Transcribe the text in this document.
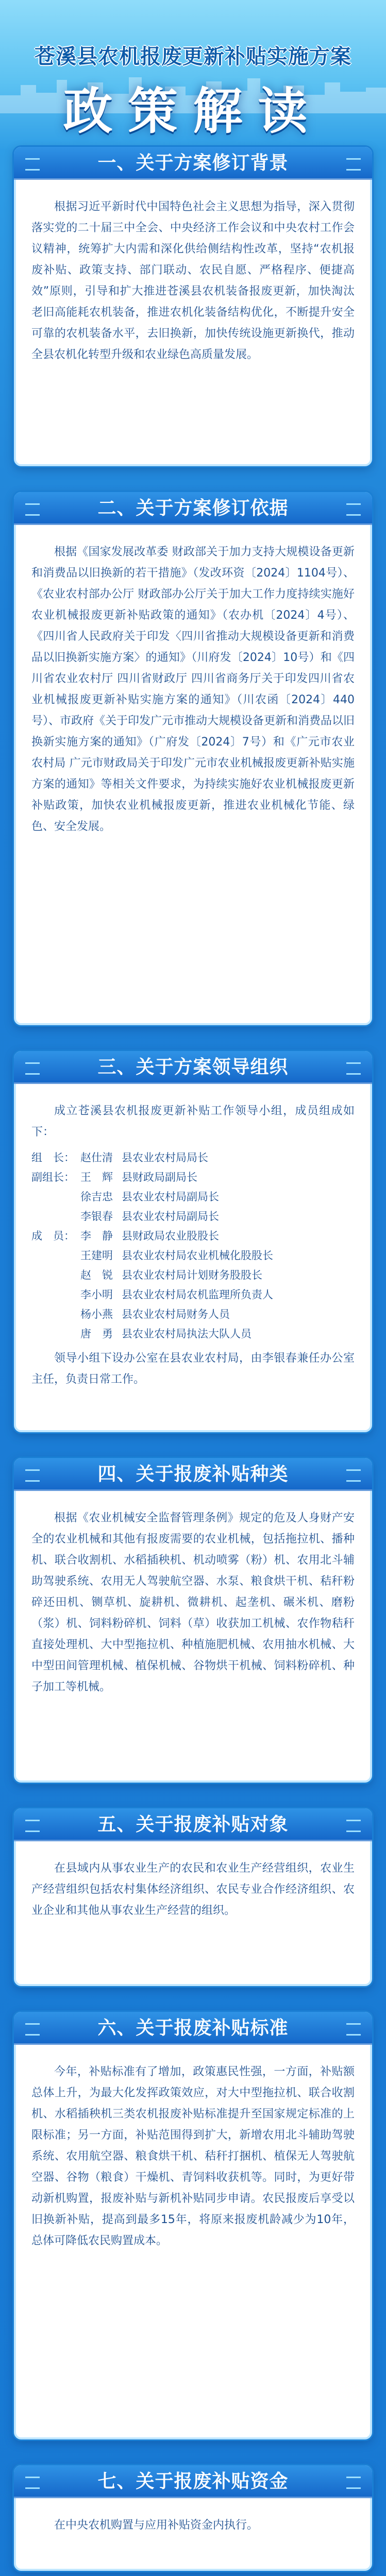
苍溪县农机报废更新补贴实施方案
政策解读
一、关于方案修订背景

根据习近平新时代中国特色社会主义思想为指导，深入贯彻落实党的二十届三中全会、中央经济工作会议和中央农村工作会议精神，统筹扩大内需和深化供给侧结构性改革，坚持“农机报废补贴、政策支持、部门联动、农民自愿、严格程序、便捷高效”原则，引导和扩大推进苍溪县农机装备报废更新，加快淘汰老旧高能耗农机装备，推进农机化装备结构优化，不断提升安全可靠的农机装备水平，去旧换新，加快传统设施更新换代，推动全县农机化转型升级和农业绿色高质量发展。

二、关于方案修订依据

根据《国家发展改革委 财政部关于加力支持大规模设备更新和消费品以旧换新的若干措施》（发改环资〔2024〕1104号）、《农业农村部办公厅 财政部办公厅关于加大工作力度持续实施好农业机械报废更新补贴政策的通知》（农办机〔2024〕4号）、《四川省人民政府关于印发〈四川省推动大规模设备更新和消费品以旧换新实施方案〉的通知》（川府发〔2024〕10号）和《四川省农业农村厅 四川省财政厅 四川省商务厅关于印发四川省农业机械报废更新补贴实施方案的通知》（川农函〔2024〕440号）、市政府《关于印发广元市推动大规模设备更新和消费品以旧换新实施方案的通知》（广府发〔2024〕7号）和《广元市农业农村局 广元市财政局关于印发广元市农业机械报废更新补贴实施方案的通知》等相关文件要求，为持续实施好农业机械报废更新补贴政策，加快农业机械报废更新，推进农业机械化节能、绿色、安全发展。

三、关于方案领导组织

成立苍溪县农机报废更新补贴工作领导小组，成员组成如下：

组　长： 赵仕清 县农业农村局局长
副组长： 王　辉 县财政局副局长
徐吉忠 县农业农村局副局长
李银春 县农业农村局副局长
成　员： 李　静 县财政局农业股股长
王建明 县农业农村局农业机械化股股长
赵　锐 县农业农村局计划财务股股长
李小明 县农业农村局农机监理所负责人
杨小燕 县农业农村局财务人员
唐　勇 县农业农村局执法大队人员

领导小组下设办公室在县农业农村局，由李银春兼任办公室主任，负责日常工作。

四、关于报废补贴种类

根据《农业机械安全监督管理条例》规定的危及人身财产安全的农业机械和其他有报废需要的农业机械，包括拖拉机、播种机、联合收割机、水稻插秧机、机动喷雾（粉）机、农用北斗辅助驾驶系统、农用无人驾驶航空器、水泵、粮食烘干机、秸秆粉碎还田机、铡草机、旋耕机、微耕机、起垄机、碾米机、磨粉（浆）机、饲料粉碎机、饲料（草）收获加工机械、农作物秸秆直接处理机、大中型拖拉机、种植施肥机械、农用抽水机械、大中型田间管理机械、植保机械、谷物烘干机械、饲料粉碎机、种子加工等机械。

五、关于报废补贴对象

在县域内从事农业生产的农民和农业生产经营组织，农业生产经营组织包括农村集体经济组织、农民专业合作经济组织、农业企业和其他从事农业生产经营的组织。

六、关于报废补贴标准

今年，补贴标准有了增加，政策惠民性强，一方面，补贴额总体上升，为最大化发挥政策效应，对大中型拖拉机、联合收割机、水稻插秧机三类农机报废补贴标准提升至国家规定标准的上限标准；另一方面，补贴范围得到扩大，新增农用北斗辅助驾驶系统、农用航空器、粮食烘干机、秸秆打捆机、植保无人驾驶航空器、谷物（粮食）干燥机、青饲料收获机等。同时，为更好带动新机购置，报废补贴与新机补贴同步申请。农民报废后享受以旧换新补贴，提高到最多15年，将原来报废机龄减少为10年，总体可降低农民购置成本。

七、关于报废补贴资金

在中央农机购置与应用补贴资金内执行。
